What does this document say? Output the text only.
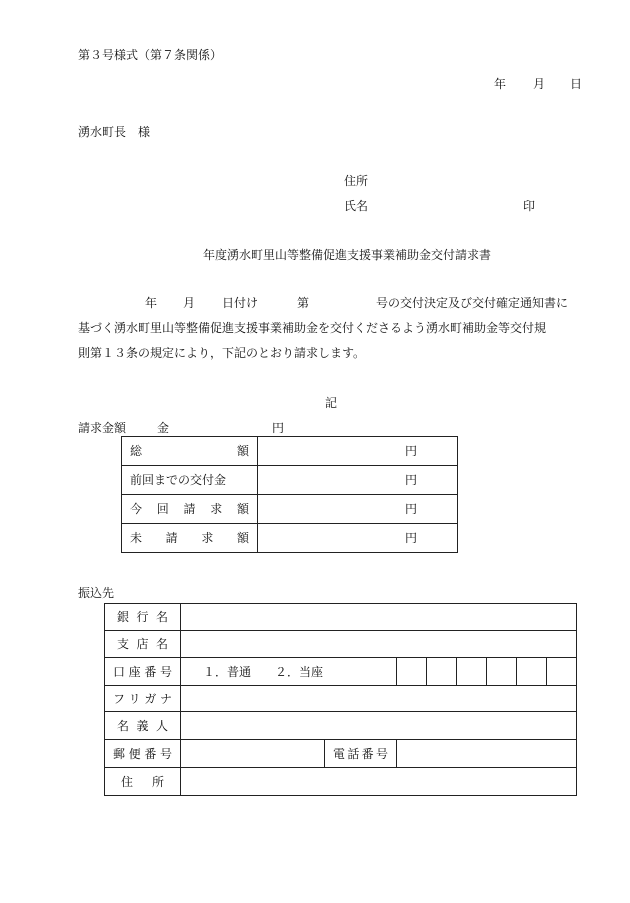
第３号様式（第７条関係）
年 月 日
湧水町長　様
住所
氏名	印
年度湧水町里山等整備促進支援事業補助金交付請求書
年 月 日付け	第	号の交付決定及び交付確定通知書に
基づく湧水町里山等整備促進支援事業補助金を交付くださるよう湧水町補助金等交付規
則第１３条の規定により，下記のとおり請求します。
記
請求金額	金	円
総 額	円

前回までの交付金	円

今 回 請 求 額	円

未 請 求 額	円
振込先
銀 行 名								

支 店 名								

口 座 番 号	１．普通 ２．当座							

フ リ ガ ナ								

名 義 人								

郵 便 番 号		電 話 番 号						

住 所								
